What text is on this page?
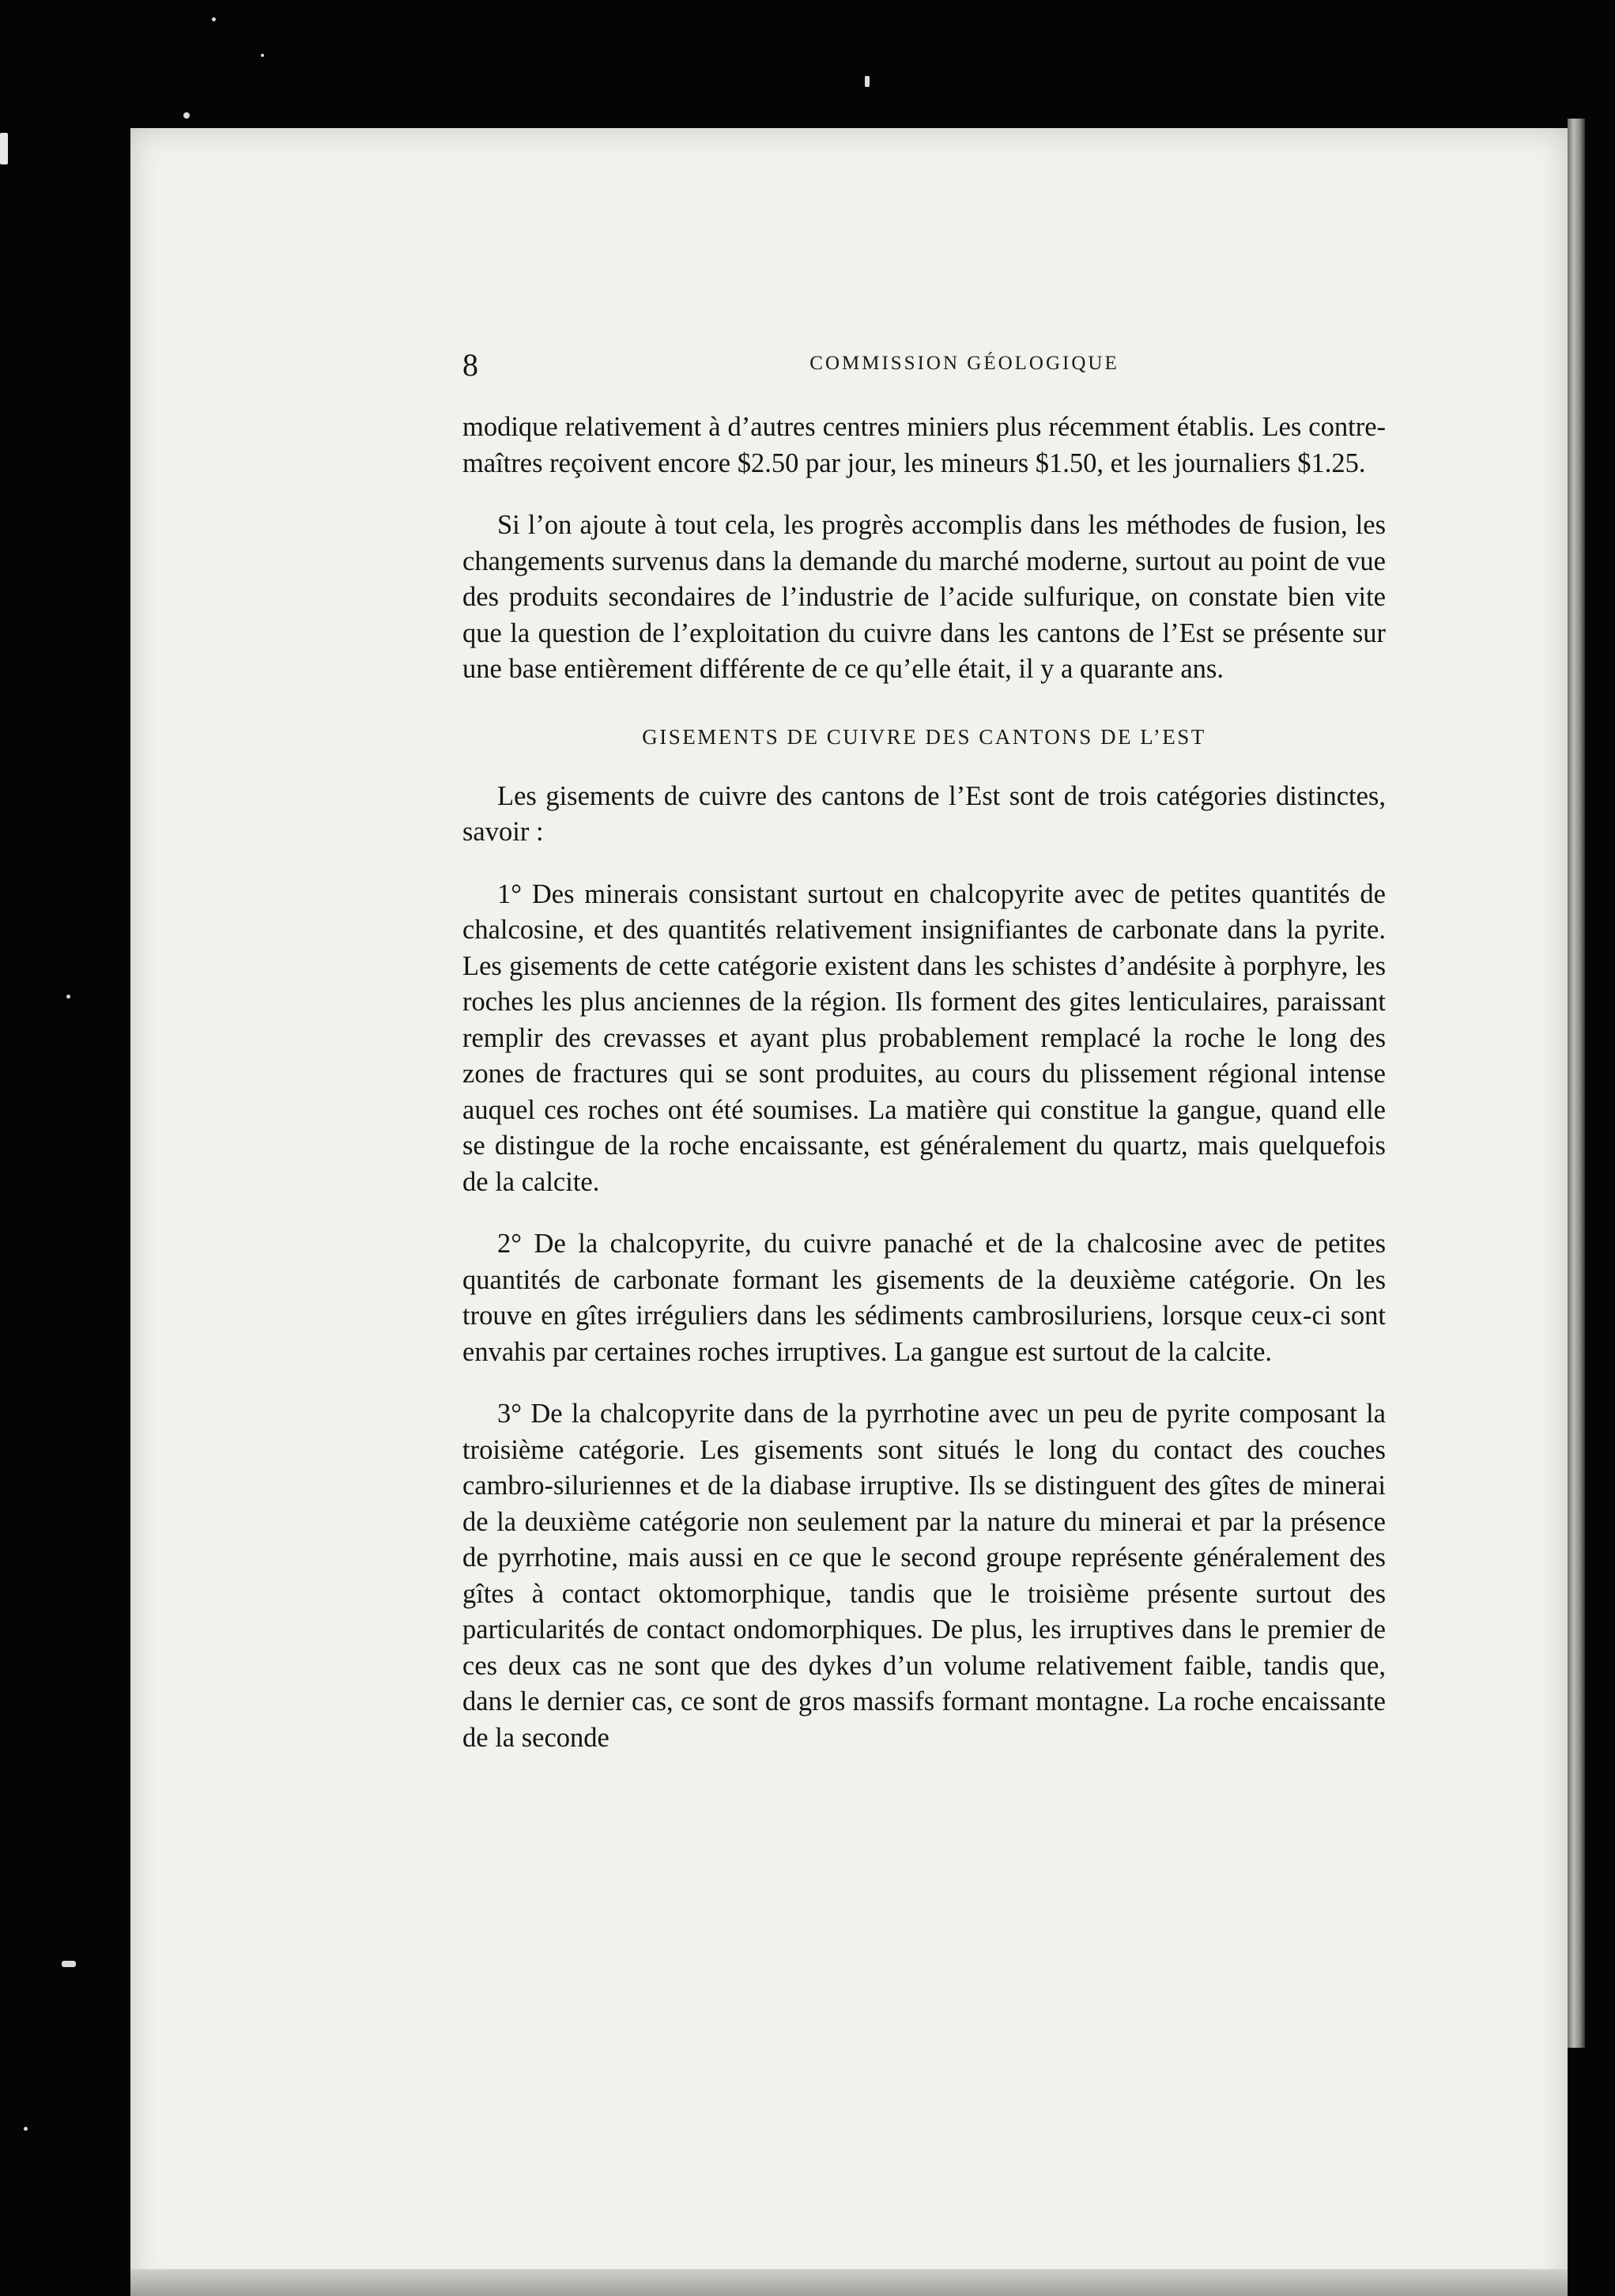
8	COMMISSION GÉOLOGIQUE

modique relativement à d’autres centres miniers plus récemment établis. Les contre-maîtres reçoivent encore $2.50 par jour, les mineurs $1.50, et les journaliers $1.25.

Si l’on ajoute à tout cela, les progrès accomplis dans les méthodes de fusion, les changements survenus dans la demande du marché moderne, surtout au point de vue des produits secondaires de l’industrie de l’acide sulfurique, on constate bien vite que la question de l’exploitation du cuivre dans les cantons de l’Est se présente sur une base entièrement différente de ce qu’elle était, il y a quarante ans.

GISEMENTS DE CUIVRE DES CANTONS DE L’EST

Les gisements de cuivre des cantons de l’Est sont de trois catégories distinctes, savoir :

1° Des minerais consistant surtout en chalcopyrite avec de petites quantités de chalcosine, et des quantités relativement insignifiantes de carbonate dans la pyrite. Les gisements de cette catégorie existent dans les schistes d’andésite à porphyre, les roches les plus anciennes de la région. Ils forment des gites lenticulaires, paraissant remplir des crevasses et ayant plus probablement remplacé la roche le long des zones de fractures qui se sont produites, au cours du plissement régional intense auquel ces roches ont été soumises. La matière qui constitue la gangue, quand elle se distingue de la roche encaissante, est généralement du quartz, mais quelquefois de la calcite.

2° De la chalcopyrite, du cuivre panaché et de la chalcosine avec de petites quantités de carbonate formant les gisements de la deuxième catégorie. On les trouve en gîtes irréguliers dans les sédiments cambrosiluriens, lorsque ceux-ci sont envahis par certaines roches irruptives. La gangue est surtout de la calcite.

3° De la chalcopyrite dans de la pyrrhotine avec un peu de pyrite composant la troisième catégorie. Les gisements sont situés le long du contact des couches cambro-siluriennes et de la diabase irruptive. Ils se distinguent des gîtes de minerai de la deuxième catégorie non seulement par la nature du minerai et par la présence de pyrrhotine, mais aussi en ce que le second groupe représente généralement des gîtes à contact oktomorphique, tandis que le troisième présente surtout des particularités de contact ondomorphiques. De plus, les irruptives dans le premier de ces deux cas ne sont que des dykes d’un volume relativement faible, tandis que, dans le dernier cas, ce sont de gros massifs formant montagne. La roche encaissante de la seconde
